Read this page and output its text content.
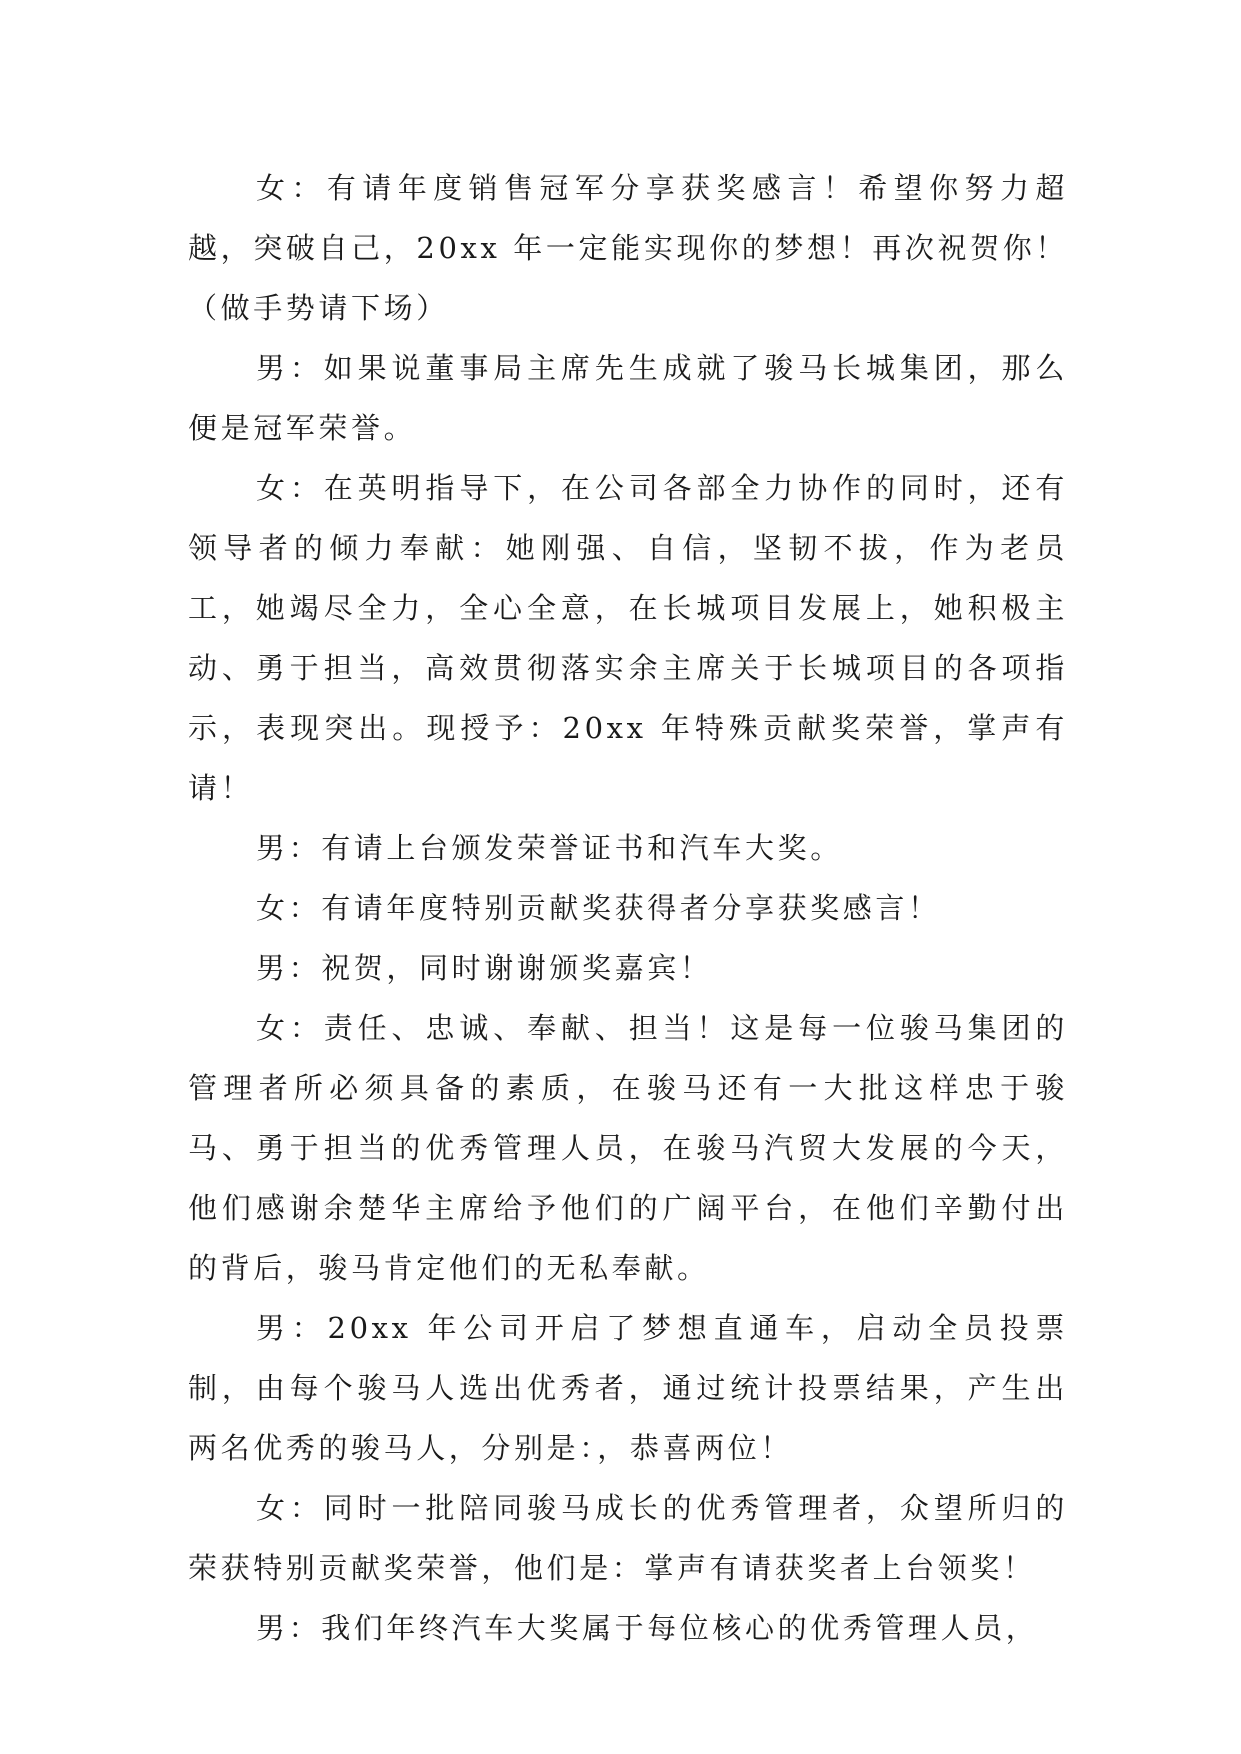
女：有请年度销售冠军分享获奖感言！希望你努力超越，突破自己，20xx 年一定能实现你的梦想！再次祝贺你！（做手势请下场）

男：如果说董事局主席先生成就了骏马长城集团，那么便是冠军荣誉。

女：在英明指导下，在公司各部全力协作的同时，还有领导者的倾力奉献：她刚强、自信，坚韧不拔，作为老员工，她竭尽全力，全心全意，在长城项目发展上，她积极主动、勇于担当，高效贯彻落实余主席关于长城项目的各项指示，表现突出。现授予：20xx 年特殊贡献奖荣誉，掌声有请！

男：有请上台颁发荣誉证书和汽车大奖。

女：有请年度特别贡献奖获得者分享获奖感言！

男：祝贺，同时谢谢颁奖嘉宾！

女：责任、忠诚、奉献、担当！这是每一位骏马集团的管理者所必须具备的素质，在骏马还有一大批这样忠于骏马、勇于担当的优秀管理人员，在骏马汽贸大发展的今天，他们感谢余楚华主席给予他们的广阔平台，在他们辛勤付出的背后，骏马肯定他们的无私奉献。

男：20xx 年公司开启了梦想直通车，启动全员投票制，由每个骏马人选出优秀者，通过统计投票结果，产生出两名优秀的骏马人，分别是：，恭喜两位！

女：同时一批陪同骏马成长的优秀管理者，众望所归的荣获特别贡献奖荣誉，他们是：掌声有请获奖者上台领奖！

男：我们年终汽车大奖属于每位核心的优秀管理人员，
